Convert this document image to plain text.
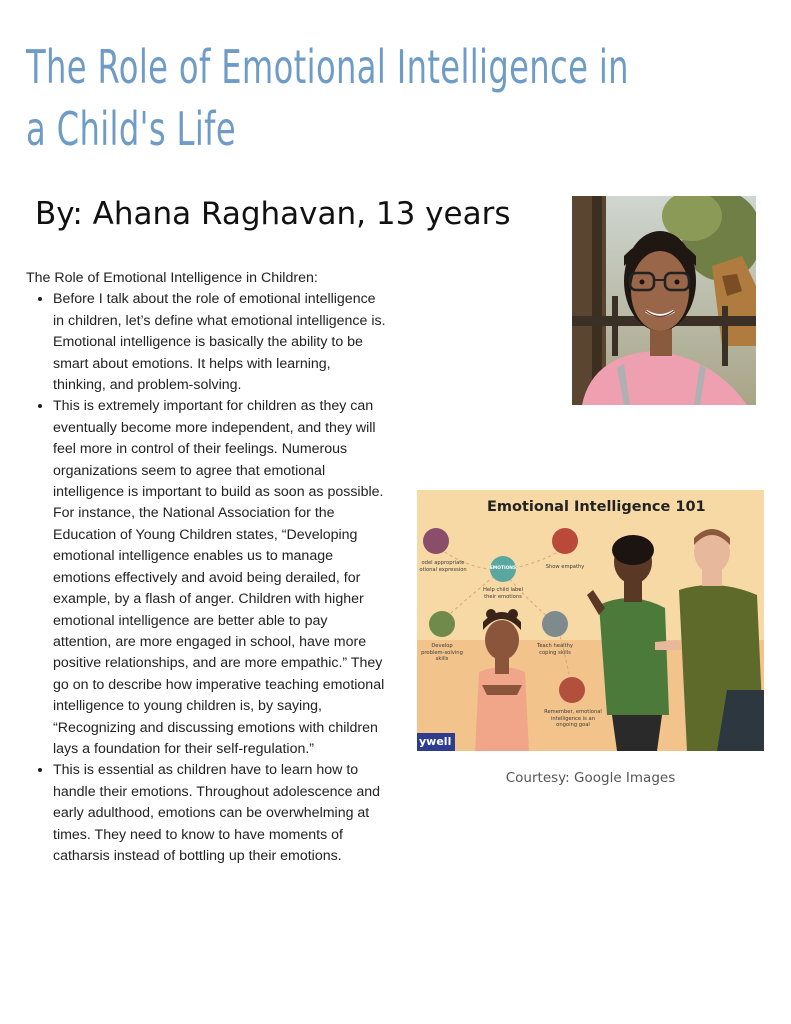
The Role of Emotional Intelligence in
a Child's Life
By: Ahana Raghavan, 13 years

The Role of Emotional Intelligence in Children:

• Before I talk about the role of emotional intelligence in children, let’s define what emotional intelligence is. Emotional intelligence is basically the ability to be smart about emotions. It helps with learning, thinking, and problem-solving.
• This is extremely important for children as they can eventually become more independent, and they will feel more in control of their feelings. Numerous organizations seem to agree that emotional intelligence is important to build as soon as possible. For instance, the National Association for the Education of Young Children states, “Developing emotional intelligence enables us to manage emotions effectively and avoid being derailed, for example, by a flash of anger. Children with higher emotional intelligence are better able to pay attention, are more engaged in school, have more positive relationships, and are more empathic.” They go on to describe how imperative teaching emotional intelligence to young children is, by saying, “Recognizing and discussing emotions with children lays a foundation for their self-regulation.”
• This is essential as children have to learn how to handle their emotions. Throughout adolescence and early adulthood, emotions can be overwhelming at times. They need to know to have moments of catharsis instead of bottling up their emotions.
Emotional Intelligence 101
odel appropriate
otional expression	EMOTIONS
Help child label
their emotions
Show empathy
Develop
problem-solving
skills
Teach healthy
coping skills
Remember, emotional
intelligence is an
ongoing goal
ywell
Courtesy: Google Images
